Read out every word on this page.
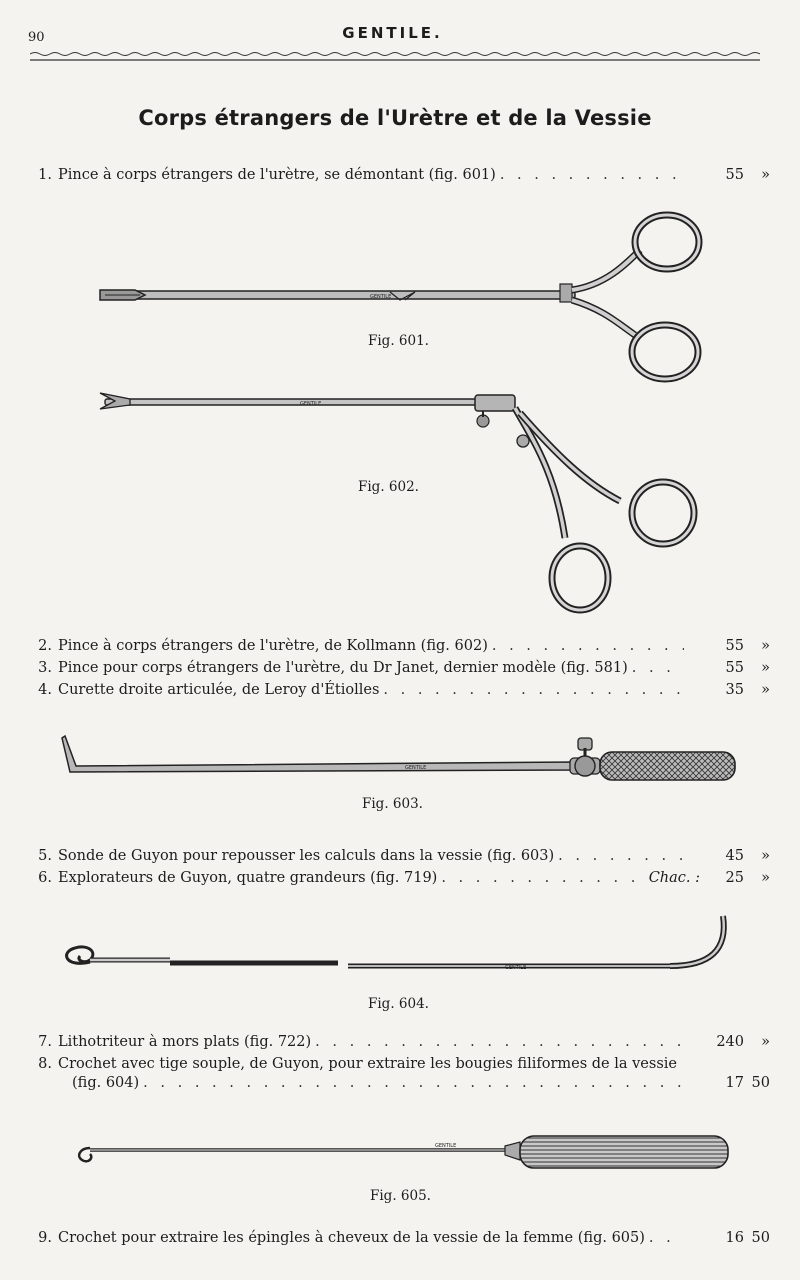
90	GENTILE.
Corps étrangers de l'Urètre et de la Vessie
1. Pince à corps étrangers de l'urètre, se démontant (fig. 601) . . .	55	»
GENTILE
Fig. 601.
GENTILE
Fig. 602.
2. Pince à corps étrangers de l'urètre, de Kollmann (fig. 602) . . .	55	»
3. Pince pour corps étrangers de l'urètre, du Dr Janet, dernier modèle (fig. 581) . . .	55	»
4. Curette droite articulée, de Leroy d'Étiolles . . .	35	»
GENTILE
Fig. 603.
5. Sonde de Guyon pour repousser les calculs dans la vessie (fig. 603) . . .	45	»
6. Explorateurs de Guyon, quatre grandeurs (fig. 719) . . .	Chac. :	25	»
GENTILE
Fig. 604.
7. Lithotriteur à mors plats (fig. 722) . . .	240	»
8. Crochet avec tige souple, de Guyon, pour extraire les bougies filiformes de la vessie
(fig. 604) . . .	17 50
GENTILE
Fig. 605.
9. Crochet pour extraire les épingles à cheveux de la vessie de la femme (fig. 605) . . .	16 50
